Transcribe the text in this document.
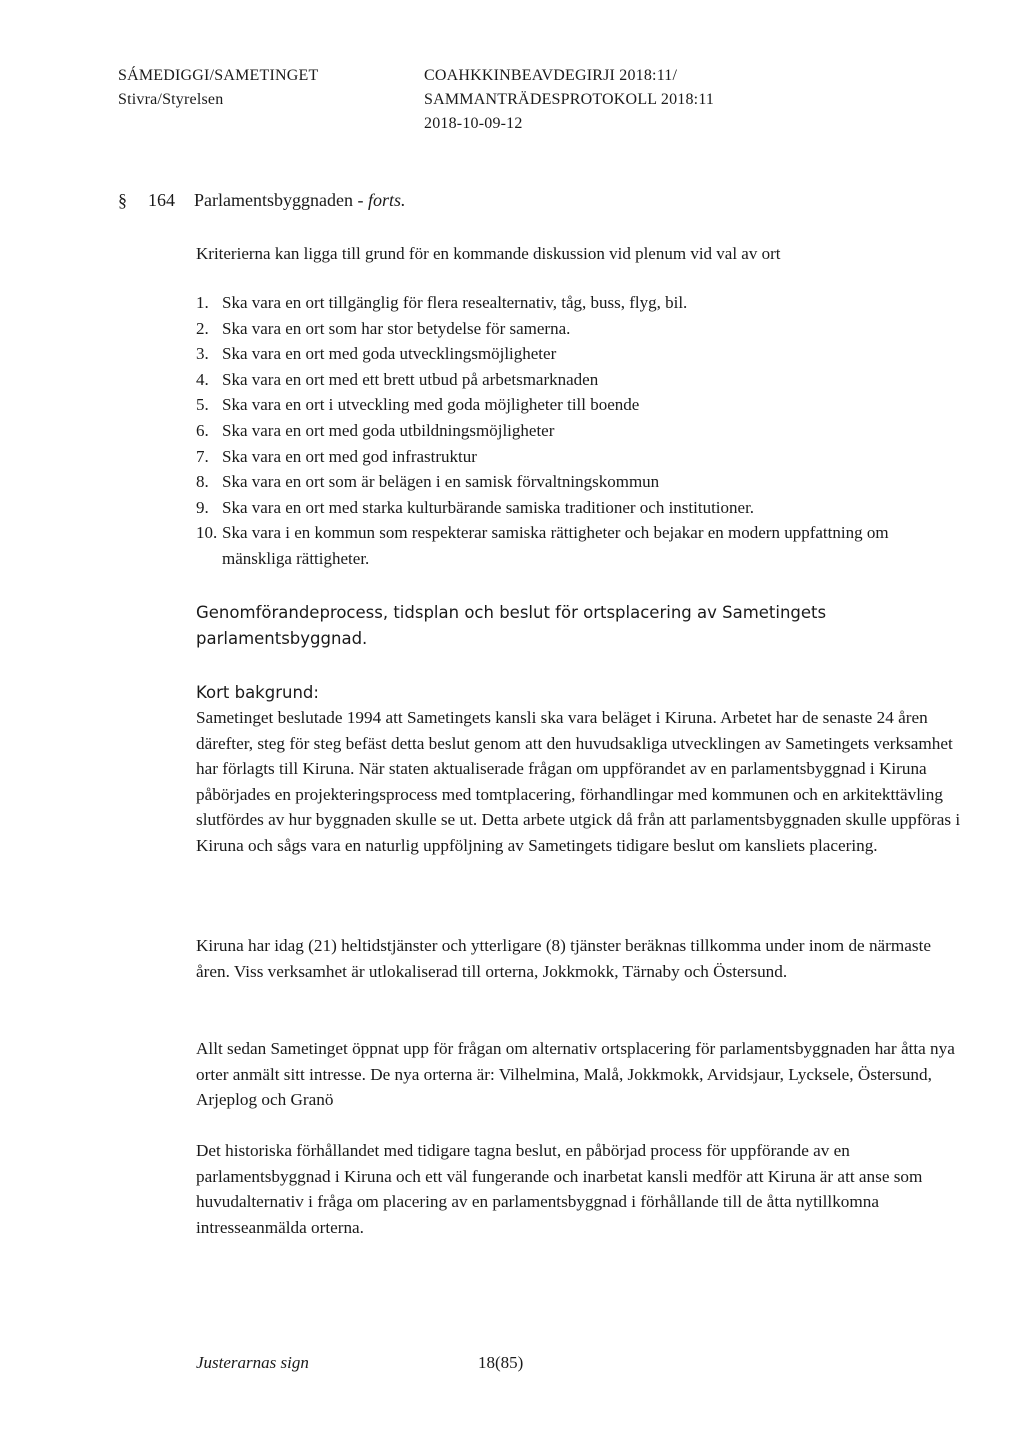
SÁMEDIGGI/SAMETINGET
Stivra/Styrelsen
COAHKKINBEAVDEGIRJI 2018:11/
SAMMANTRÄDESPROTOKOLL 2018:11
2018-10-09-12
§ 164 Parlamentsbyggnaden - forts.
Kriterierna kan ligga till grund för en kommande diskussion vid plenum vid val av ort
1. Ska vara en ort tillgänglig för flera resealternativ, tåg, buss, flyg, bil.
2. Ska vara en ort som har stor betydelse för samerna.
3. Ska vara en ort med goda utvecklingsmöjligheter
4. Ska vara en ort med ett brett utbud på arbetsmarknaden
5. Ska vara en ort i utveckling med goda möjligheter till boende
6. Ska vara en ort med goda utbildningsmöjligheter
7. Ska vara en ort med god infrastruktur
8. Ska vara en ort som är belägen i en samisk förvaltningskommun
9. Ska vara en ort med starka kulturbärande samiska traditioner och institutioner.
10. Ska vara i en kommun som respekterar samiska rättigheter och bejakar en modern uppfattning om mänskliga rättigheter.
Genomförandeprocess, tidsplan och beslut för ortsplacering av Sametingets parlamentsbyggnad.
Kort bakgrund:

Sametinget beslutade 1994 att Sametingets kansli ska vara beläget i Kiruna. Arbetet har de senaste 24 åren därefter, steg för steg befäst detta beslut genom att den huvudsakliga utvecklingen av Sametingets verksamhet har förlagts till Kiruna. När staten aktualiserade frågan om uppförandet av en parlamentsbyggnad i Kiruna påbörjades en projekteringsprocess med tomtplacering, förhandlingar med kommunen och en arkitekttävling slutfördes av hur byggnaden skulle se ut. Detta arbete utgick då från att parlamentsbyggnaden skulle uppföras i Kiruna och sågs vara en naturlig uppföljning av Sametingets tidigare beslut om kansliets placering.

Kiruna har idag (21) heltidstjänster och ytterligare (8) tjänster beräknas tillkomma under inom de närmaste åren. Viss verksamhet är utlokaliserad till orterna, Jokkmokk, Tärnaby och Östersund.

Allt sedan Sametinget öppnat upp för frågan om alternativ ortsplacering för parlamentsbyggnaden har åtta nya orter anmält sitt intresse. De nya orterna är: Vilhelmina, Malå, Jokkmokk, Arvidsjaur, Lycksele, Östersund, Arjeplog och Granö

Det historiska förhållandet med tidigare tagna beslut, en påbörjad process för uppförande av en parlamentsbyggnad i Kiruna och ett väl fungerande och inarbetat kansli medför att Kiruna är att anse som huvudalternativ i fråga om placering av en parlamentsbyggnad i förhållande till de åtta nytillkomna intresseanmälda orterna.

Justerarnas sign	18(85)
